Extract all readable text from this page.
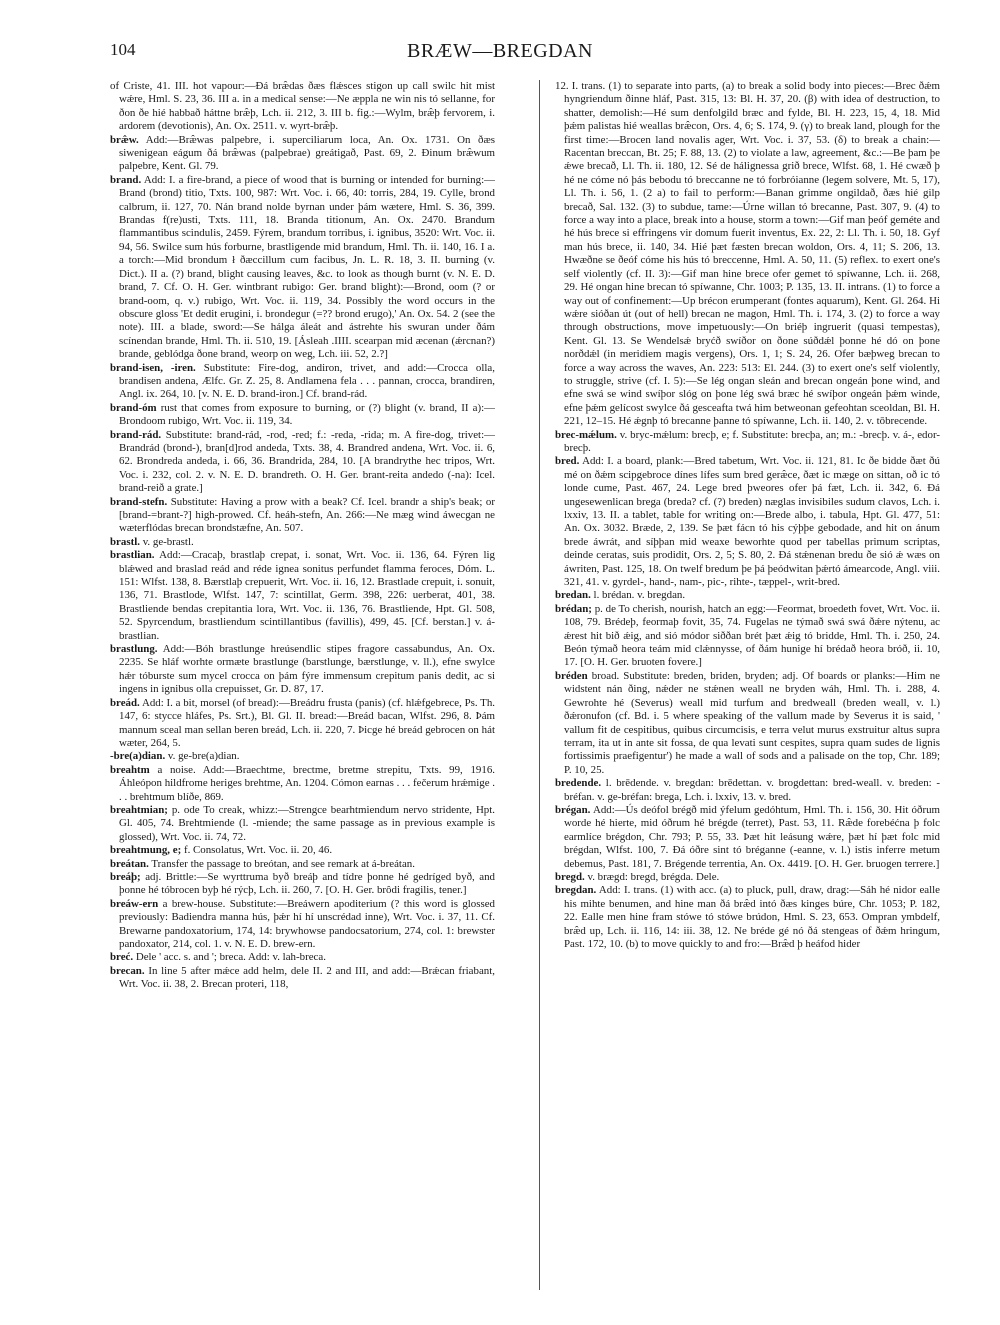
104	BRÆW—BREGDAN

of Criste, 41. III. hot vapour:—Ðá bræ̂das ðæs flǽsces stigon up call swilc hit mist wǽre, Hml. S. 23, 36. III a. in a medical sense:—Ne æppla ne win nis tó sellanne, for ðon ðe hié habbað háttne bræ̂þ, Lch. ii. 212, 3. III b. fig.:—Wylm, bræ̂þ fervorem, i. ardorem (devotionis), An. Ox. 2511. v. wyrt-bræ̂þ.

bræ̂w. Add:—Bræ̂was palpebre, i. superciliarum loca, An. Ox. 1731. On ðæs siwenigean eágum ðá bræ̂was (palpebrae) greátigað, Past. 69, 2. Ðinum bræ̂wum palpebre, Kent. Gl. 79.

brand. Add: I. a fire-brand, a piece of wood that is burning or intended for burning:—Brand (brond) titio, Txts. 100, 987: Wrt. Voc. i. 66, 40: torris, 284, 19. Cylle, brond calbrum, ii. 127, 70. Nán brand nolde byrnan under þám wætere, Hml. S. 36, 399. Brandas f(re)usti, Txts. 111, 18. Branda titionum, An. Ox. 2470. Brandum flammantibus scindulis, 2459. Fýrem, brandum torribus, i. ignibus, 3520: Wrt. Voc. ii. 94, 56. Swilce sum hús forburne, brastligende mid brandum, Hml. Th. ii. 140, 16. I a. a torch:—Mid brondum ł ðæccillum cum facibus, Jn. L. R. 18, 3. II. burning (v. Dict.). II a. (?) brand, blight causing leaves, &c. to look as though burnt (v. N. E. D. brand, 7. Cf. O. H. Ger. wintbrant rubigo: Ger. brand blight):—Brond, oom (? or brand-oom, q. v.) rubigo, Wrt. Voc. ii. 119, 34. Possibly the word occurs in the obscure gloss 'Et dedit erugini, i. brondegur (=?? brond erugo),' An. Ox. 54. 2 (see the note). III. a blade, sword:—Se hálga áleát and ástrehte his swuran under ðám scínendan brande, Hml. Th. ii. 510, 19. [Ásleah .IIII. scearpan mid æcenan (ǽrcnan?) brande, geblódga ðone brand, weorp on weg, Lch. iii. 52, 2.?]

brand-isen, -iren. Substitute: Fire-dog, andiron, trivet, and add:—Crocca olla, brandisen andena, Ælfc. Gr. Z. 25, 8. Andlamena fela . . . pannan, crocca, brandiren, Angl. ix. 264, 10. [v. N. E. D. brand-iron.] Cf. brand-rád.

brand-óm rust that comes from exposure to burning, or (?) blight (v. brand, II a):—Brondoom rubigo, Wrt. Voc. ii. 119, 34.

brand-rád. Substitute: brand-rád, -rod, -red; f.: -reda, -rida; m. A fire-dog, trivet:—Brandrád (brond-), bran[d]rod andeda, Txts. 38, 4. Brandred andena, Wrt. Voc. ii. 6, 62. Brondreda andeda, i. 66, 36. Brandrida, 284, 10. [A brandrythe hec tripos, Wrt. Voc. i. 232, col. 2. v. N. E. D. brandreth. O. H. Ger. brant-reita andedo (-na): Icel. brand-reið a grate.]

brand-stefn. Substitute: Having a prow with a beak? Cf. Icel. brandr a ship's beak; or [brand-=brant-?] high-prowed. Cf. heáh-stefn, An. 266:—Ne mæg wind áwecgan ne wæterflódas brecan brondstæfne, An. 507.

brastl. v. ge-brastl.

brastlian. Add:—Cracaþ, brastlaþ crepat, i. sonat, Wrt. Voc. ii. 136, 64. Fýren lig blǽwed and braslad reád and réde ignea sonitus perfundet flamma feroces, Dóm. L. 151: Wlfst. 138, 8. Bærstlaþ crepuerit, Wrt. Voc. ii. 16, 12. Brastlade crepuit, i. sonuit, 136, 71. Brastlode, Wlfst. 147, 7: scintillat, Germ. 398, 226: uerberat, 401, 38. Brastliende bendas crepitantia lora, Wrt. Voc. ii. 136, 76. Brastliende, Hpt. Gl. 508, 52. Spyrcendum, brastliendum scintillantibus (favillis), 499, 45. [Cf. berstan.] v. á-brastlian.

brastlung. Add:—Bóh brastlunge hreúsendlic stipes fragore cassabundus, An. Ox. 2235. Se hláf worhte ormæte brastlunge (barstlunge, bærstlunge, v. ll.), efne swylce hǽr tóburste sum mycel crocca on þám fýre immensum crepitum panis dedit, ac si ingens in ignibus olla crepuisset, Gr. D. 87, 17.

breád. Add: I. a bit, morsel (of bread):—Breádru frusta (panis) (cf. hlǽfgebrece, Ps. Th. 147, 6: styccе hláfes, Ps. Srt.), Bl. Gl. II. bread:—Breád bacan, Wlfst. 296, 8. Þám mannum sceal man sellan beren breád, Lch. ii. 220, 7. Þicge hé breád gebrocen on hát wæter, 264, 5.

-bre(a)dian. v. ge-bre(a)dian.

breahtm a noise. Add:—Braechtme, brectme, bretme strepitu, Txts. 99, 1916. Áhleópon hildfrome heriges brehtme, An. 1204. Cómon earnas . . . fečerum hrǽmige . . . brehtmum blíðe, 869.

breahtmian; p. ode To creak, whizz:—Strengce bearhtmiendum nervo stridente, Hpt. Gl. 405, 74. Brehtmiende (l. -miende; the same passage as in previous example is glossed), Wrt. Voc. ii. 74, 72.

breahtmung, e; f. Consolatus, Wrt. Voc. ii. 20, 46.

breátan. Transfer the passage to breótan, and see remark at á-breátan.

breáþ; adj. Brittle:—Se wyrttruma byð breáþ and tídre þonne hé gedríged byð, and þonne hé tóbrocen byþ hé rýcþ, Lch. ii. 260, 7. [O. H. Ger. brôdi fragilis, tener.]

breáw-ern a brew-house. Substitute:—Breáwern apoditerium (? this word is glossed previously: Badiendra manna hús, þǽr hí hí unscrédad inne), Wrt. Voc. i. 37, 11. Cf. Brewarne pandoxatorium, 174, 14: brywhowse pandocsatorium, 274, col. 1: brewster pandoxator, 214, col. 1. v. N. E. D. brew-ern.

breć. Dele ' acc. s. and '; breca. Add: v. lah-breca.

brecan. In line 5 after mǽce add helm, dele II. 2 and III, and add:—Brǽcan friabant, Wrt. Voc. ii. 38, 2. Brecan proteri, 118,

12. I. trans. (1) to separate into parts, (a) to break a solid body into pieces:—Brec ðǽm hyngriendum ðinne hláf, Past. 315, 13: Bl. H. 37, 20. (β) with idea of destruction, to shatter, demolish:—Hé sum denfolgild bræc and fylde, Bl. H. 223, 15, 4, 18. Mid þǽm palistas hié weallas bræ̂con, Ors. 4, 6; S. 174, 9. (γ) to break land, plough for the first time:—Brocen land novalis ager, Wrt. Voc. i. 37, 53. (δ) to break a chain:—Racentan breccan, Bt. 25; F. 88, 13. (2) to violate a law, agreement, &c.:—Be þam þe ǽwe brecað, Ll. Th. ii. 180, 12. Sé de hálignessa grið brece, Wlfst. 68, 1. Hé cwæð þ hé ne cóme nó þás bebodu tó breccanne ne tó forbróianne (legem solvere, Mt. 5, 17), Ll. Th. i. 56, 1. (2 a) to fail to perform:—Banan grimme ongildað, ðæs hié gilp brecað, Sal. 132. (3) to subdue, tame:—Úrne willan tó brecanne, Past. 307, 9. (4) to force a way into a place, break into a house, storm a town:—Gif man þeóf geméte and hé hús brece si effringens vir domum fuerit inventus, Ex. 22, 2: Ll. Th. i. 50, 18. Gyf man hús brece, ii. 140, 34. Hié þæt fæsten brecan woldon, Ors. 4, 11; S. 206, 13. Hwæðne se ðeóf cóme his hús tó breccenne, Hml. A. 50, 11. (5) reflex. to exert one's self violently (cf. II. 3):—Gif man hine brece ofer gemet tó spíwanne, Lch. ii. 268, 29. Hé ongan hine brecan tó spíwanne, Chr. 1003; P. 135, 13. II. intrans. (1) to force a way out of confinement:—Up brécon erumperant (fontes aquarum), Kent. Gl. 264. Hi wǽre sióðan út (out of hell) brecan ne magon, Hml. Th. i. 174, 3. (2) to force a way through obstructions, move impetuously:—On briéþ ingruerit (quasi tempestas), Kent. Gl. 13. Se Wendelsǽ bryćð swíðor on ðone súðdǽl þonne hé dó on þone norðdǽl (in meridiem magis vergens), Ors. 1, 1; S. 24, 26. Ofer bæþweg brecan to force a way across the waves, An. 223: 513: El. 244. (3) to exert one's self violently, to struggle, strive (cf. I. 5):—Se lég ongan sleán and brecan ongeán þone wind, and efne swá se wind swíþor slóg on þone lég swá bræc hé swíþor ongeán þǽm winde, efne þǽm gelícost swylce ðá gesceafta twá him betweonan gefeohtan sceoldan, Bl. H. 221, 12–15. Hé ǽgnþ tó brecanne þanne tó spíwanne, Lch. ii. 140, 2. v. tōbrecende.

brec-mǽlum. v. bryc-mǽlum: brecþ, e; f. Substitute: brecþa, an; m.: -brecþ. v. á-, edor-brecþ.

bred. Add: I. a board, plank:—Bred tabetum, Wrt. Voc. ii. 121, 81. Ic ðe bidde ðæt ðú mé on ðǽm scipgebroce dínes lífes sum bred geræ̂ce, ðæt ic mæge on sittan, oð ic tó londe cume, Past. 467, 24. Lege bred þweores ofer þá fæt, Lch. ii. 342, 6. Ðá ungesewenlican brega (breda? cf. (?) breden) næglas invisibiles sudum clavos, Lch. i. lxxiv, 13. II. a tablet, table for writing on:—Brede albo, i. tabula, Hpt. Gl. 477, 51: An. Ox. 3032. Bræde, 2, 139. Se þæt fácn tó his cýþþe gebodade, and hit on ánum brede áwrát, and síþþan mid weaxe beworhte quod per tabellas primum scriptas, deinde ceratas, suis prodidit, Ors. 2, 5; S. 80, 2. Ðá stǽnenan bredu ðe sió ǽ wæs on áwriten, Past. 125, 18. On twelf bredum þe þá þeódwitan þǽrtó ámearcode, Angl. viii. 321, 41. v. gyrdel-, hand-, nam-, pic-, rihte-, tæppel-, writ-bred.

bredan. l. brédan. v. bregdan.

brédan; p. de To cherish, nourish, hatch an egg:—Feormat, broedeth fovet, Wrt. Voc. ii. 108, 79. Brédeþ, feormaþ fovit, 35, 74. Fugelas ne týmað swá swá ðǽre nýtenu, ac ǽrest hit bið ǽig, and sió módor siððan brét þæt ǽig tó bridde, Hml. Th. i. 250, 24. Beón týmað heora teám mid clǽnnysse, of ðám hunige hí brédað heora bróð, ii. 10, 17. [O. H. Ger. bruoten fovere.]

bréden broad. Substitute: breden, briden, bryden; adj. Of boards or planks:—Him ne widstent nán ðing, nǽder ne stǽnen weall ne bryden wáh, Hml. Th. i. 288, 4. Gewrohte hé (Severus) weall mid turfum and bredweall (breden weall, v. l.) ðǽronufon (cf. Bd. i. 5 where speaking of the vallum made by Severus it is said, ' vallum fit de cespitibus, quibus circumcisis, e terra velut murus exstruitur altus supra terram, ita ut in ante sit fossa, de qua levati sunt cespites, supra quam sudes de lignis fortissimis praefigentur') he made a wall of sods and a palisade on the top, Chr. 189; P. 10, 25.

bredende. l. brēdende. v. bregdan: brēdettan. v. brogdettan: bred-weall. v. breden: -bréfan. v. ge-bréfan: brega, Lch. i. lxxiv, 13. v. bred.

brégan. Add:—Ús deófol brégð mid ýfelum gedóhtum, Hml. Th. i. 156, 30. Hit óðrum worde hé hierte, mid óðrum hé brégde (terret), Past. 53, 11. Ræ̂de forebéćna þ folc earmlíce brégdon, Chr. 793; P. 55, 33. Þæt hit leásung wǽre, þæt hí þæt folc mid brégdan, Wlfst. 100, 7. Ðá óðre sint tó bréganne (-eanne, v. l.) istis inferre metum debemus, Past. 181, 7. Brégende terrentia, An. Ox. 4419. [O. H. Ger. bruogen terrere.]

bregd. v. brægd: bregd, brégda. Dele.

bregdan. Add: I. trans. (1) with acc. (a) to pluck, pull, draw, drag:—Sáh hé nidor ealle his mihte benumen, and hine man ðá bræ̂d intó ðæs kinges búre, Chr. 1053; P. 182, 22. Ealle men hine fram stówe tó stówe brúdon, Hml. S. 23, 653. Ompran ymbdelf, bræ̂d up, Lch. ii. 116, 14: iii. 38, 12. Ne bréde gé nó ðá stengeas of ðǽm hringum, Past. 172, 10. (b) to move quickly to and fro:—Bræ̂d þ heáfod hider
